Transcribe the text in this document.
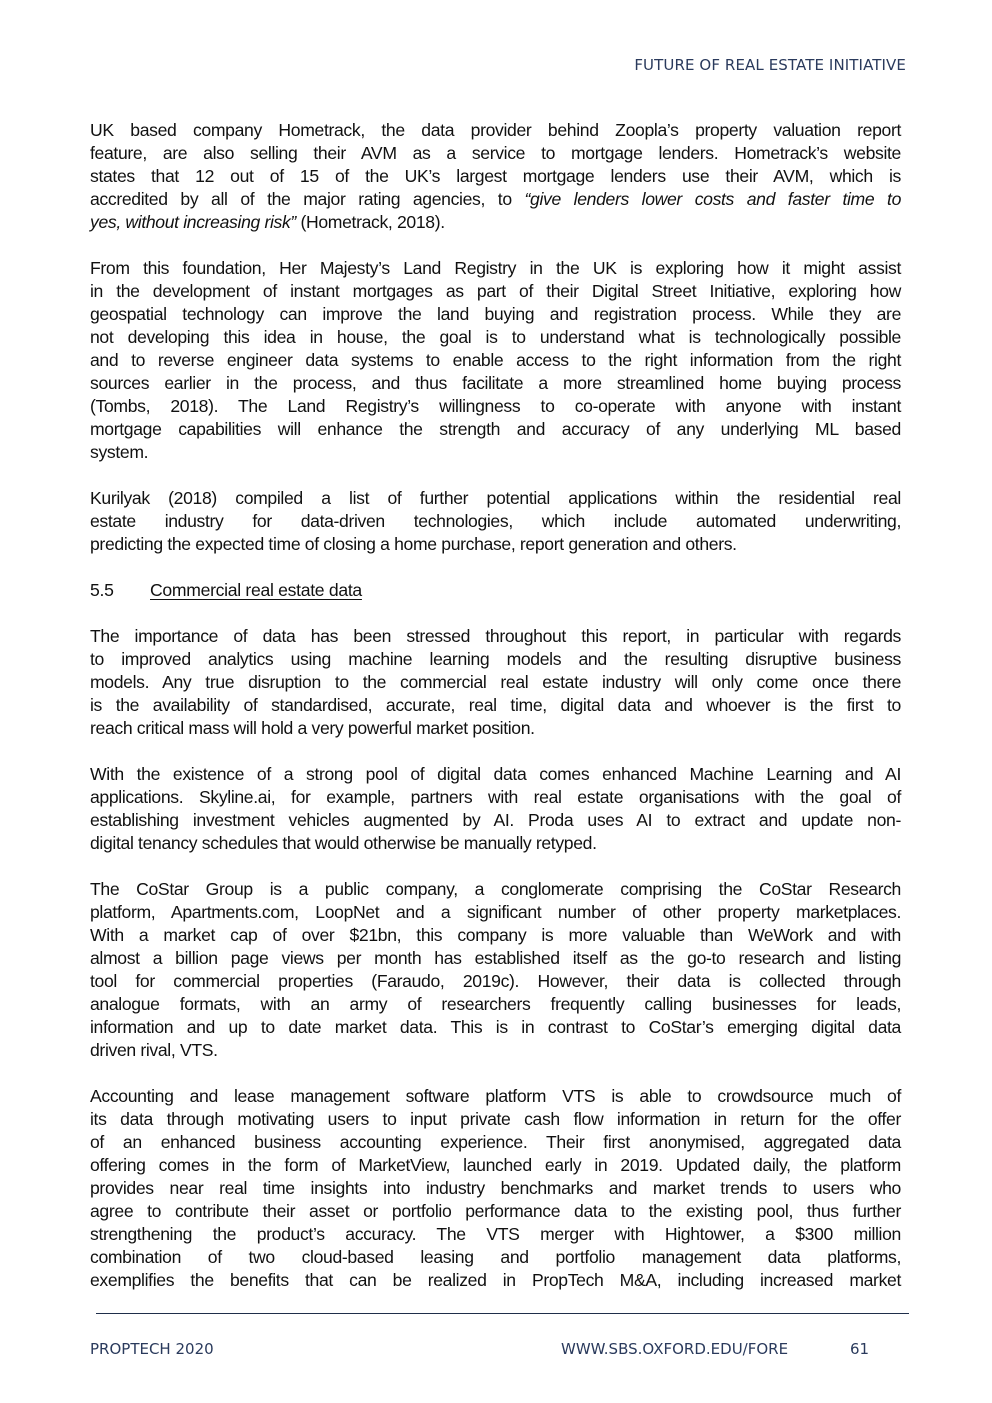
FUTURE OF REAL ESTATE INITIATIVE
UK based company Hometrack, the data provider behind Zoopla’s property valuation report
feature, are also selling their AVM as a service to mortgage lenders. Hometrack’s website
states that 12 out of 15 of the UK’s largest mortgage lenders use their AVM, which is
accredited by all of the major rating agencies, to “give lenders lower costs and faster time to
yes, without increasing risk” (Hometrack, 2018).
From this foundation, Her Majesty’s Land Registry in the UK is exploring how it might assist
in the development of instant mortgages as part of their Digital Street Initiative, exploring how
geospatial technology can improve the land buying and registration process. While they are
not developing this idea in house, the goal is to understand what is technologically possible
and to reverse engineer data systems to enable access to the right information from the right
sources earlier in the process, and thus facilitate a more streamlined home buying process
(Tombs, 2018). The Land Registry’s willingness to co-operate with anyone with instant
mortgage capabilities will enhance the strength and accuracy of any underlying ML based
system.
Kurilyak (2018) compiled a list of further potential applications within the residential real
estate industry for data-driven technologies, which include automated underwriting,
predicting the expected time of closing a home purchase, report generation and others.
5.5 Commercial real estate data
The importance of data has been stressed throughout this report, in particular with regards
to improved analytics using machine learning models and the resulting disruptive business
models. Any true disruption to the commercial real estate industry will only come once there
is the availability of standardised, accurate, real time, digital data and whoever is the first to
reach critical mass will hold a very powerful market position.
With the existence of a strong pool of digital data comes enhanced Machine Learning and AI
applications. Skyline.ai, for example, partners with real estate organisations with the goal of
establishing investment vehicles augmented by AI. Proda uses AI to extract and update non-
digital tenancy schedules that would otherwise be manually retyped.
The CoStar Group is a public company, a conglomerate comprising the CoStar Research
platform, Apartments.com, LoopNet and a significant number of other property marketplaces.
With a market cap of over $21bn, this company is more valuable than WeWork and with
almost a billion page views per month has established itself as the go-to research and listing
tool for commercial properties (Faraudo, 2019c). However, their data is collected through
analogue formats, with an army of researchers frequently calling businesses for leads,
information and up to date market data. This is in contrast to CoStar’s emerging digital data
driven rival, VTS.
Accounting and lease management software platform VTS is able to crowdsource much of
its data through motivating users to input private cash flow information in return for the offer
of an enhanced business accounting experience. Their first anonymised, aggregated data
offering comes in the form of MarketView, launched early in 2019. Updated daily, the platform
provides near real time insights into industry benchmarks and market trends to users who
agree to contribute their asset or portfolio performance data to the existing pool, thus further
strengthening the product’s accuracy. The VTS merger with Hightower, a $300 million
combination of two cloud-based leasing and portfolio management data platforms,
exemplifies the benefits that can be realized in PropTech M&A, including increased market
PROPTECH 2020	WWW.SBS.OXFORD.EDU/FORE	61
